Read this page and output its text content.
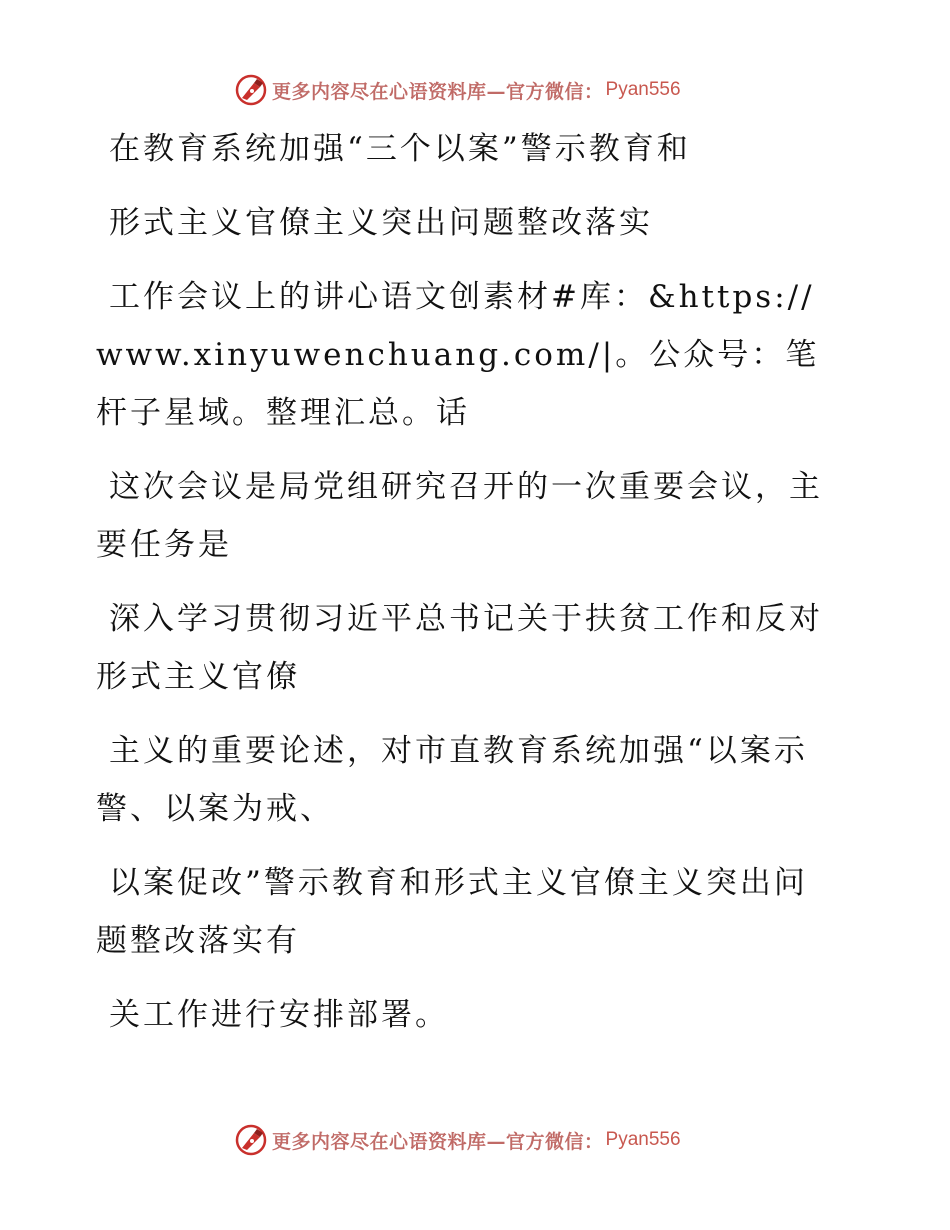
更多内容尽在心语资料库—官方微信： Pyan556

在教育系统加强“三个以案”警示教育和

形式主义官僚主义突出问题整改落实

工作会议上的讲心语文创素材#库：&https://www.xinyuwenchuang.com/|。公众号：笔杆子星域。整理汇总。话

这次会议是局党组研究召开的一次重要会议，主要任务是

深入学习贯彻习近平总书记关于扶贫工作和反对形式主义官僚

主义的重要论述，对市直教育系统加强“以案示警、以案为戒、

以案促改”警示教育和形式主义官僚主义突出问题整改落实有

关工作进行安排部署。

更多内容尽在心语资料库—官方微信： Pyan556
